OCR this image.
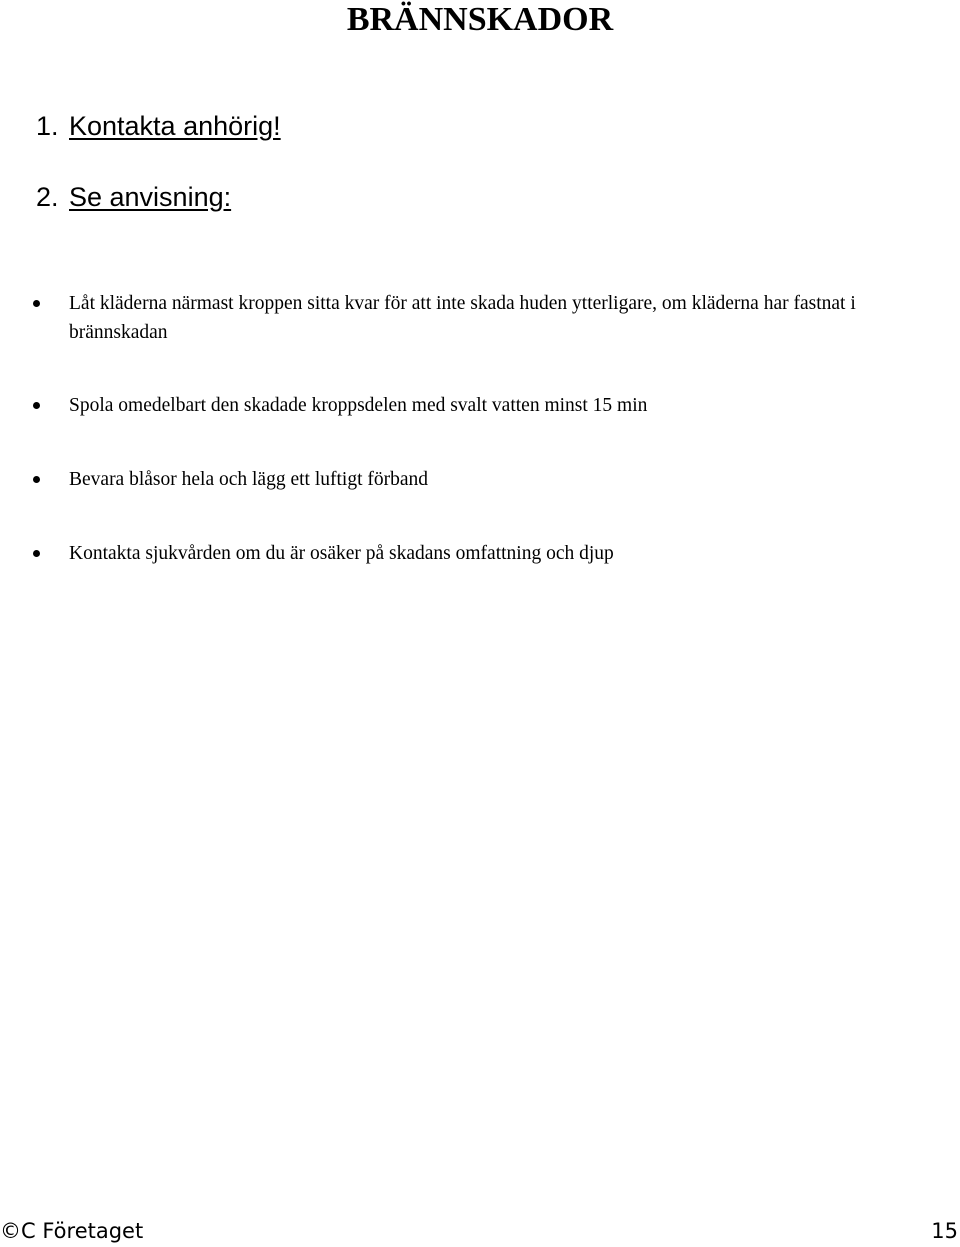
BRÄNNSKADOR
1. Kontakta anhörig!
2. Se anvisning:
Låt kläderna närmast kroppen sitta kvar för att inte skada huden ytterligare, om kläderna har fastnat i brännskadan
Spola omedelbart den skadade kroppsdelen med svalt vatten minst 15 min
Bevara blåsor hela och lägg ett luftigt förband
Kontakta sjukvården om du är osäker på skadans omfattning och djup
©C Företaget	15
